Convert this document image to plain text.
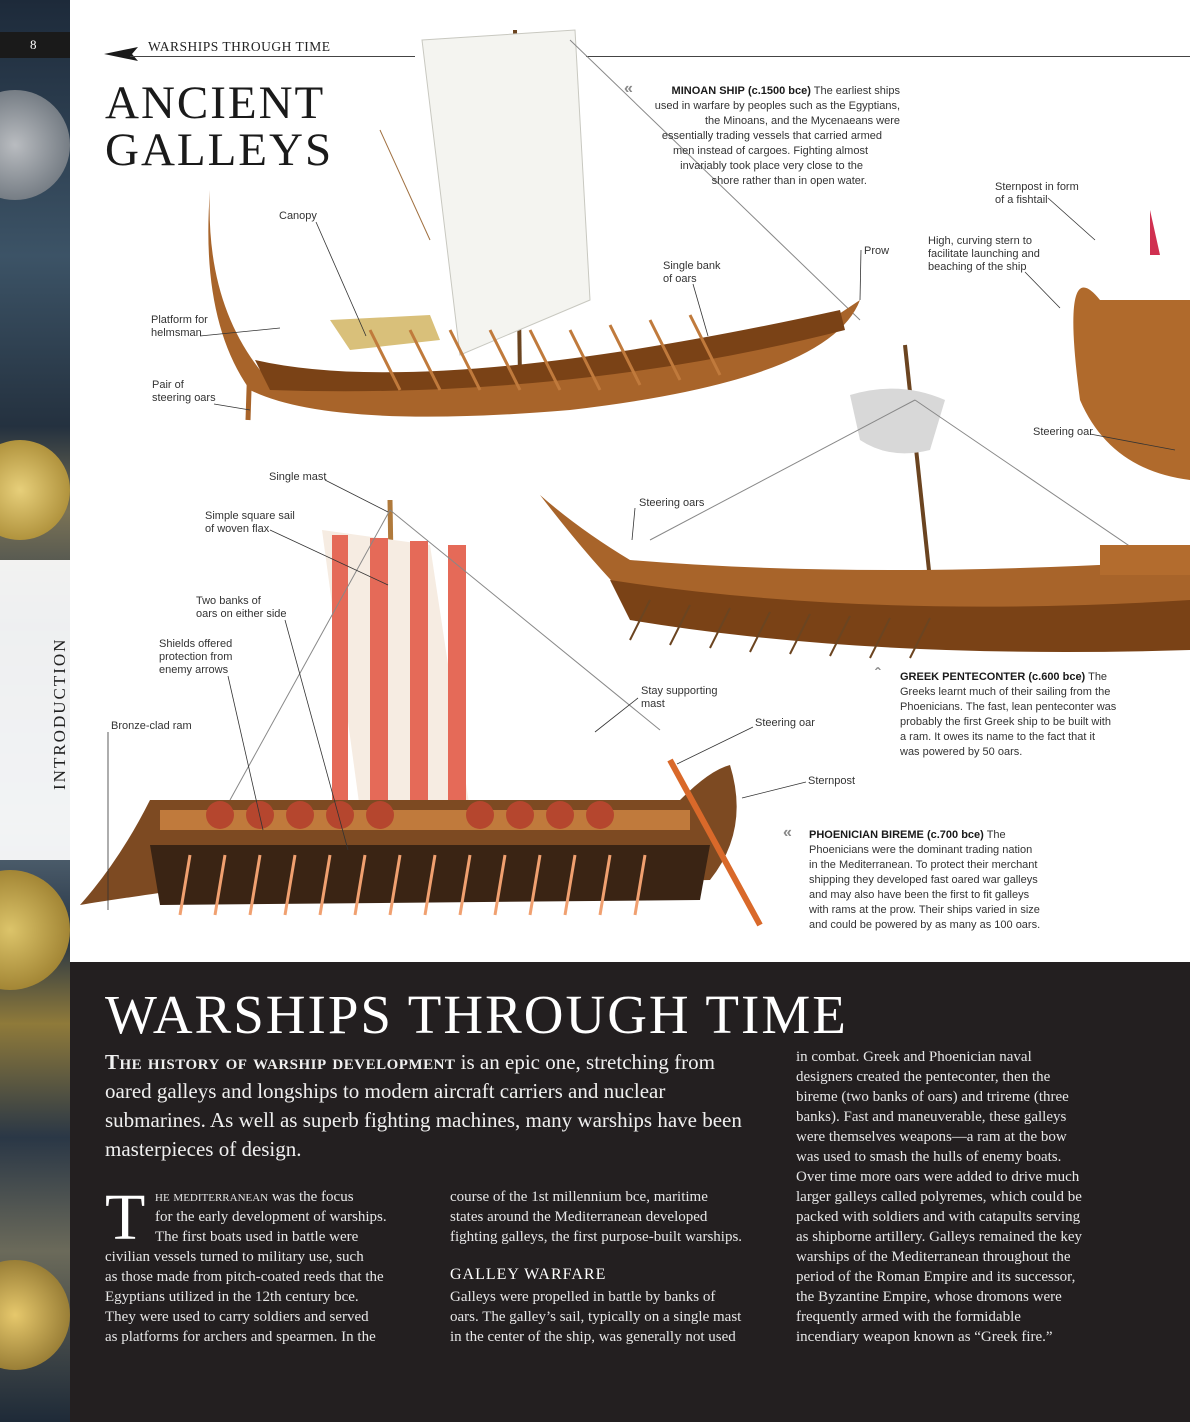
8
INTRODUCTION
WARSHIPS THROUGH TIME
ANCIENT
GALLEYS
«	MINOAN SHIP (c.1500 bce) The earliest ships
used in warfare by peoples such as the Egyptians,
the Minoans, and the Mycenaeans were
essentially trading vessels that carried armed
men instead of cargoes. Fighting almost
invariably took place very close to the
shore rather than in open water.
Canopy
Platform for
helmsman
Pair of
steering oars
Single bank
of oars
Prow
Sternpost in form
of a fishtail
High, curving stern to
facilitate launching and
beaching of the ship
Steering oar
Steering oars
ˆ GREEK PENTECONTER (c.600 bce) The
Greeks learnt much of their sailing from the
Phoenicians. The fast, lean penteconter was
probably the first Greek ship to be built with
a ram. It owes its name to the fact that it
was powered by 50 oars.
Single mast
Simple square sail
of woven flax
Two banks of
oars on either side
Shields offered
protection from
enemy arrows
Bronze-clad ram
Stay supporting
mast
Steering oar
Sternpost
« PHOENICIAN BIREME (c.700 bce) The
Phoenicians were the dominant trading nation
in the Mediterranean. To protect their merchant
shipping they developed fast oared war galleys
and may also have been the first to fit galleys
with rams at the prow. Their ships varied in size
and could be powered by as many as 100 oars.
WARSHIPS THROUGH TIME
The history of warship development is an epic one, stretching from oared galleys and longships to modern aircraft carriers and nuclear submarines. As well as superb fighting machines, many warships have been masterpieces of design.
T he mediterranean was the focus
for the early development of warships.
The first boats used in battle were
civilian vessels turned to military use, such
as those made from pitch-coated reeds that the
Egyptians utilized in the 12th century bce.
They were used to carry soldiers and served
as platforms for archers and spearmen. In the
course of the 1st millennium bce, maritime
states around the Mediterranean developed
fighting galleys, the first purpose-built warships.
GALLEY WARFARE
Galleys were propelled in battle by banks of
oars. The galley’s sail, typically on a single mast
in the center of the ship, was generally not used
in combat. Greek and Phoenician naval
designers created the penteconter, then the
bireme (two banks of oars) and trireme (three
banks). Fast and maneuverable, these galleys
were themselves weapons—a ram at the bow
was used to smash the hulls of enemy boats.
Over time more oars were added to drive much
larger galleys called polyremes, which could be
packed with soldiers and with catapults serving
as shipborne artillery. Galleys remained the key
warships of the Mediterranean throughout the
period of the Roman Empire and its successor,
the Byzantine Empire, whose dromons were
frequently armed with the formidable
incendiary weapon known as “Greek fire.”
